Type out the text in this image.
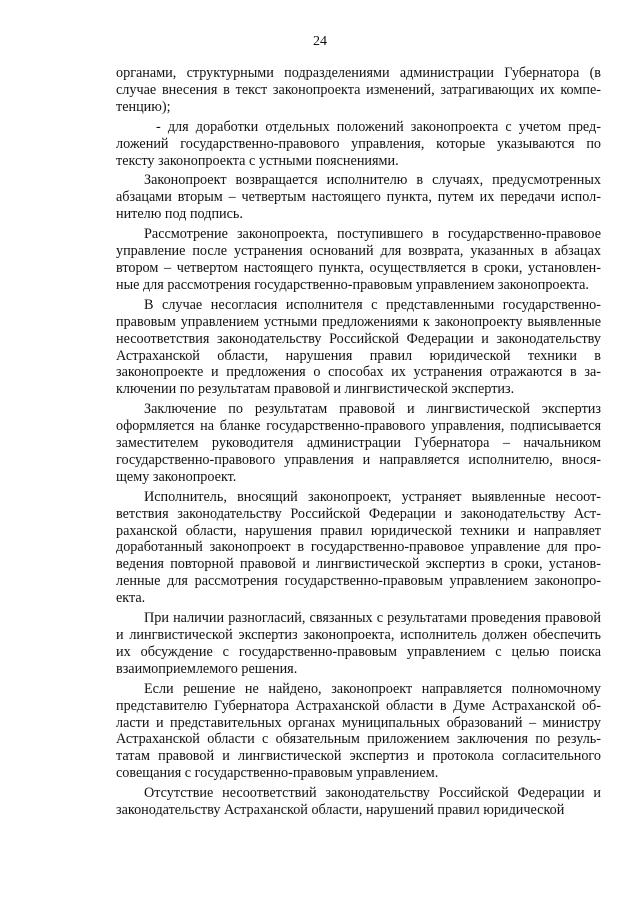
24

органами, структурными подразделениями администрации Губернатора (в случае внесения в текст законопроекта изменений, затрагивающих их компетенцию);

- для доработки отдельных положений законопроекта с учетом предложений государственно-правового управления, которые указываются по тексту законопроекта с устными пояснениями.

Законопроект возвращается исполнителю в случаях, предусмотренных абзацами вторым – четвертым настоящего пункта, путем их передачи исполнителю под подпись.

Рассмотрение законопроекта, поступившего в государственно-правовое управление после устранения оснований для возврата, указанных в абзацах втором – четвертом настоящего пункта, осуществляется в сроки, установленные для рассмотрения государственно-правовым управлением законопроекта.

В случае несогласия исполнителя с представленными государственно-правовым управлением устными предложениями к законопроекту выявленные несоответствия законодательству Российской Федерации и законодательству Астраханской области, нарушения правил юридической техники в законопроекте и предложения о способах их устранения отражаются в заключении по результатам правовой и лингвистической экспертиз.

Заключение по результатам правовой и лингвистической экспертиз оформляется на бланке государственно-правового управления, подписывается заместителем руководителя администрации Губернатора – начальником государственно-правового управления и направляется исполнителю, вносящему законопроект.

Исполнитель, вносящий законопроект, устраняет выявленные несоответствия законодательству Российской Федерации и законодательству Астраханской области, нарушения правил юридической техники и направляет доработанный законопроект в государственно-правовое управление для проведения повторной правовой и лингвистической экспертиз в сроки, установленные для рассмотрения государственно-правовым управлением законопроекта.

При наличии разногласий, связанных с результатами проведения правовой и лингвистической экспертиз законопроекта, исполнитель должен обеспечить их обсуждение с государственно-правовым управлением с целью поиска взаимоприемлемого решения.

Если решение не найдено, законопроект направляется полномочному представителю Губернатора Астраханской области в Думе Астраханской области и представительных органах муниципальных образований – министру Астраханской области с обязательным приложением заключения по результатам правовой и лингвистической экспертиз и протокола согласительного совещания с государственно-правовым управлением.

Отсутствие несоответствий законодательству Российской Федерации и законодательству Астраханской области, нарушений правил юридической
